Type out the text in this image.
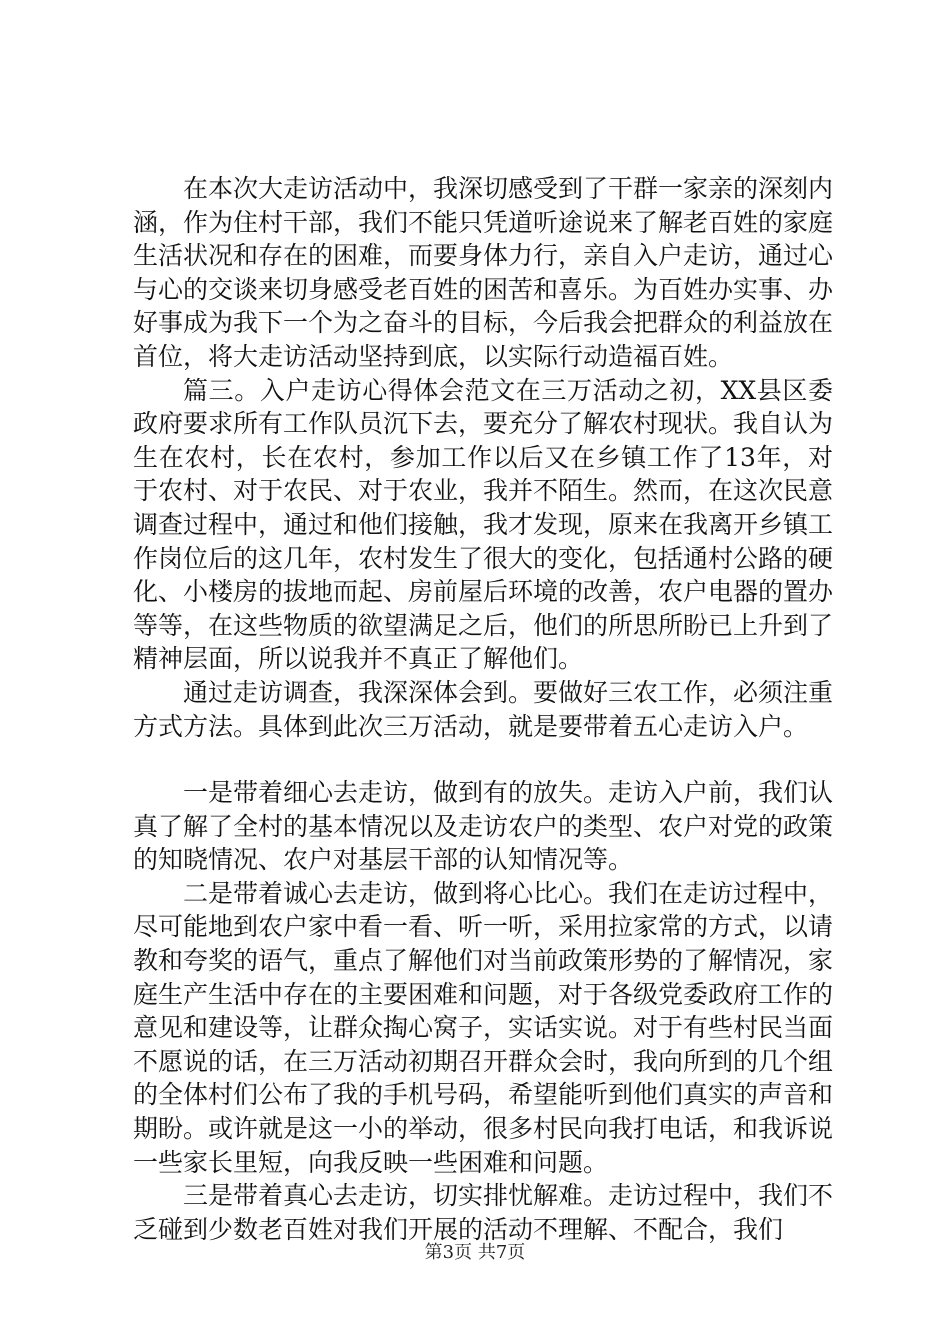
在本次大走访活动中，我深切感受到了干群一家亲的深刻内涵，作为住村干部，我们不能只凭道听途说来了解老百姓的家庭生活状况和存在的困难，而要身体力行，亲自入户走访，通过心与心的交谈来切身感受老百姓的困苦和喜乐。为百姓办实事、办好事成为我下一个为之奋斗的目标，今后我会把群众的利益放在首位，将大走访活动坚持到底，以实际行动造福百姓。

篇三。入户走访心得体会范文在三万活动之初，XX县区委政府要求所有工作队员沉下去，要充分了解农村现状。我自认为生在农村，长在农村，参加工作以后又在乡镇工作了13年，对于农村、对于农民、对于农业，我并不陌生。然而，在这次民意调查过程中，通过和他们接触，我才发现，原来在我离开乡镇工作岗位后的这几年，农村发生了很大的变化，包括通村公路的硬化、小楼房的拔地而起、房前屋后环境的改善，农户电器的置办等等，在这些物质的欲望满足之后，他们的所思所盼已上升到了精神层面，所以说我并不真正了解他们。

通过走访调查，我深深体会到。要做好三农工作，必须注重方式方法。具体到此次三万活动，就是要带着五心走访入户。

一是带着细心去走访，做到有的放失。走访入户前，我们认真了解了全村的基本情况以及走访农户的类型、农户对党的政策的知晓情况、农户对基层干部的认知情况等。

二是带着诚心去走访，做到将心比心。我们在走访过程中，尽可能地到农户家中看一看、听一听，采用拉家常的方式，以请教和夸奖的语气，重点了解他们对当前政策形势的了解情况，家庭生产生活中存在的主要困难和问题，对于各级党委政府工作的意见和建设等，让群众掏心窝子，实话实说。对于有些村民当面不愿说的话，在三万活动初期召开群众会时，我向所到的几个组的全体村们公布了我的手机号码，希望能听到他们真实的声音和期盼。或许就是这一小的举动，很多村民向我打电话，和我诉说一些家长里短，向我反映一些困难和问题。

三是带着真心去走访，切实排忧解难。走访过程中，我们不乏碰到少数老百姓对我们开展的活动不理解、不配合，我们

第3页 共7页
